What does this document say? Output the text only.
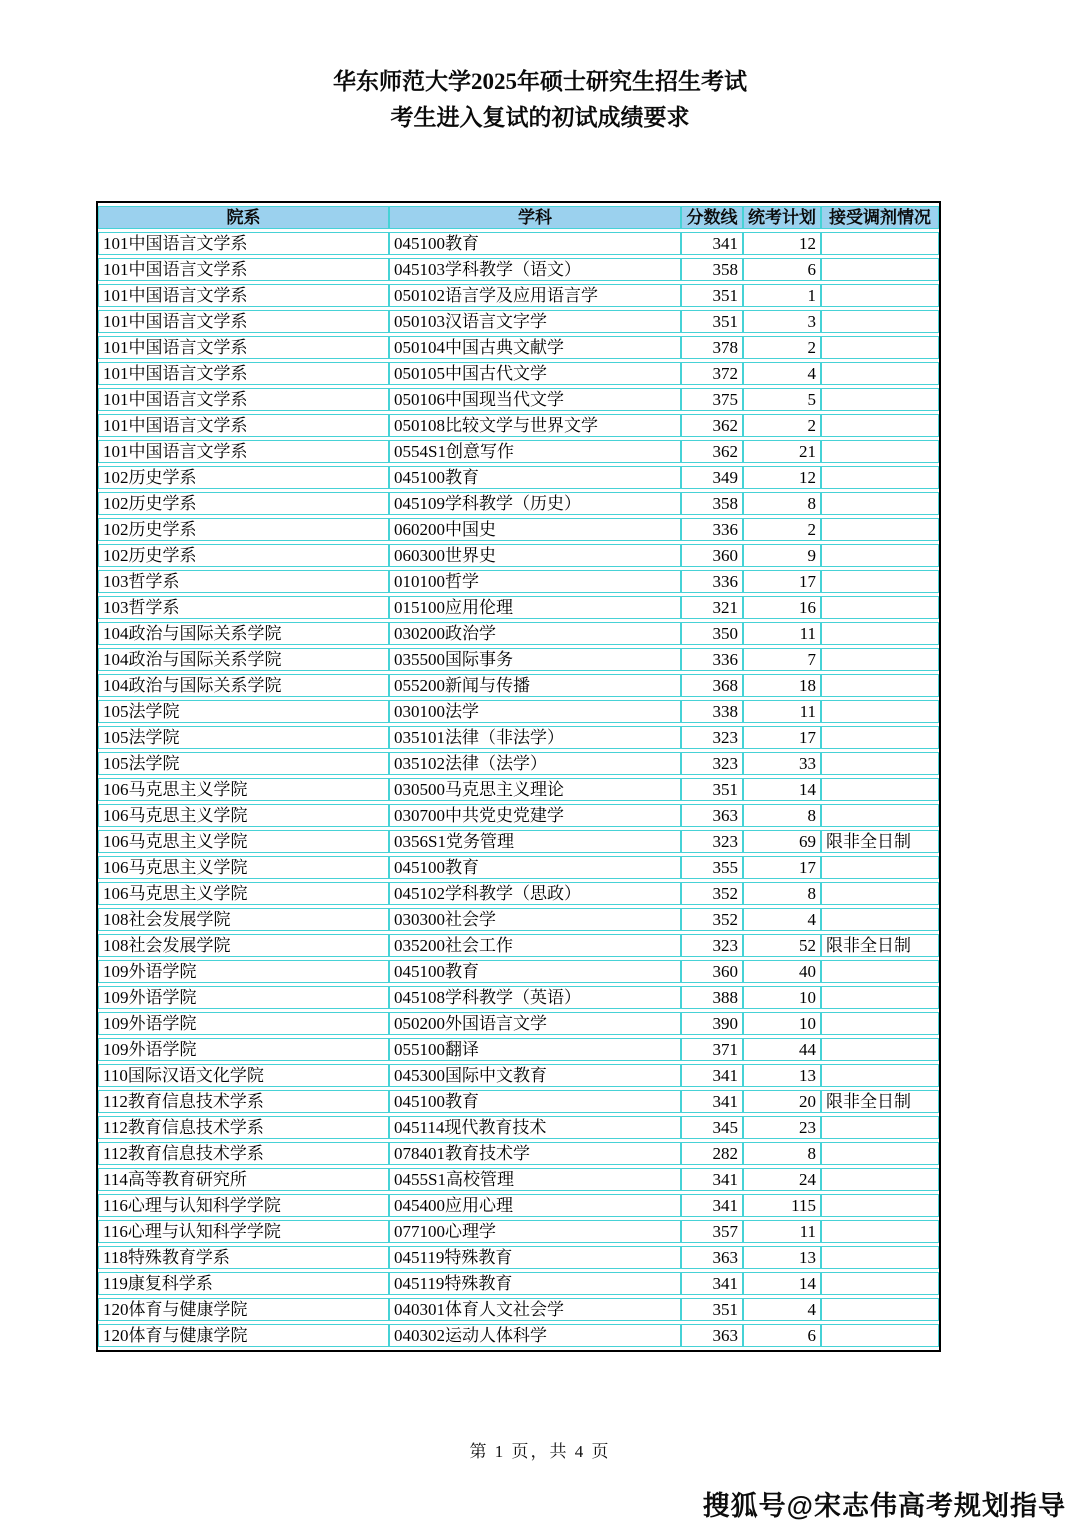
华东师范大学2025年硕士研究生招生考试
考生进入复试的初试成绩要求
院系	学科	分数线	统考计划	接受调剂情况
101中国语言文学系	045100教育	341	12	
101中国语言文学系	045103学科教学（语文）	358	6	
101中国语言文学系	050102语言学及应用语言学	351	1	
101中国语言文学系	050103汉语言文字学	351	3	
101中国语言文学系	050104中国古典文献学	378	2	
101中国语言文学系	050105中国古代文学	372	4	
101中国语言文学系	050106中国现当代文学	375	5	
101中国语言文学系	050108比较文学与世界文学	362	2	
101中国语言文学系	0554S1创意写作	362	21	
102历史学系	045100教育	349	12	
102历史学系	045109学科教学（历史）	358	8	
102历史学系	060200中国史	336	2	
102历史学系	060300世界史	360	9	
103哲学系	010100哲学	336	17	
103哲学系	015100应用伦理	321	16	
104政治与国际关系学院	030200政治学	350	11	
104政治与国际关系学院	035500国际事务	336	7	
104政治与国际关系学院	055200新闻与传播	368	18	
105法学院	030100法学	338	11	
105法学院	035101法律（非法学）	323	17	
105法学院	035102法律（法学）	323	33	
106马克思主义学院	030500马克思主义理论	351	14	
106马克思主义学院	030700中共党史党建学	363	8	
106马克思主义学院	0356S1党务管理	323	69	限非全日制
106马克思主义学院	045100教育	355	17	
106马克思主义学院	045102学科教学（思政）	352	8	
108社会发展学院	030300社会学	352	4	
108社会发展学院	035200社会工作	323	52	限非全日制
109外语学院	045100教育	360	40	
109外语学院	045108学科教学（英语）	388	10	
109外语学院	050200外国语言文学	390	10	
109外语学院	055100翻译	371	44	
110国际汉语文化学院	045300国际中文教育	341	13	
112教育信息技术学系	045100教育	341	20	限非全日制
112教育信息技术学系	045114现代教育技术	345	23	
112教育信息技术学系	078401教育技术学	282	8	
114高等教育研究所	0455S1高校管理	341	24	
116心理与认知科学学院	045400应用心理	341	115	
116心理与认知科学学院	077100心理学	357	11	
118特殊教育学系	045119特殊教育	363	13	
119康复科学系	045119特殊教育	341	14	
120体育与健康学院	040301体育人文社会学	351	4	
120体育与健康学院	040302运动人体科学	363	6	
第 1 页，共 4 页
搜狐号@宋志伟高考规划指导
